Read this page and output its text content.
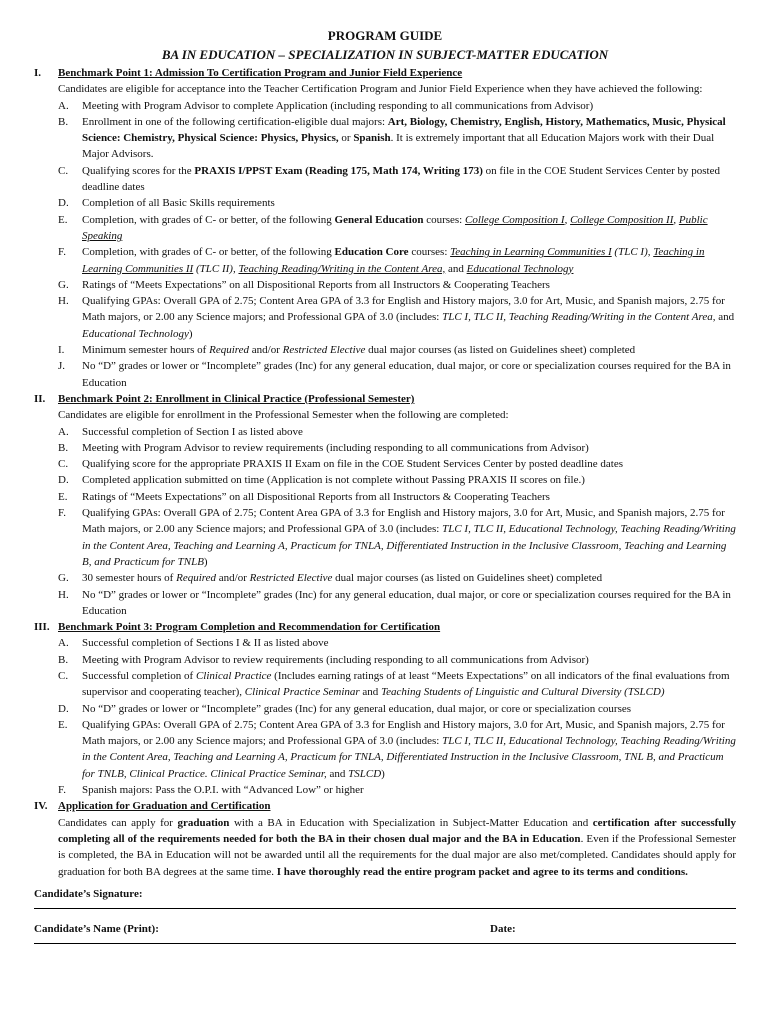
PROGRAM GUIDE
BA IN EDUCATION – SPECIALIZATION IN SUBJECT-MATTER EDUCATION
I.	Benchmark Point 1: Admission To Certification Program and Junior Field Experience
Candidates are eligible for acceptance into the Teacher Certification Program and Junior Field Experience when they have achieved the following:
A.	Meeting with Program Advisor to complete Application (including responding to all communications from Advisor)
B.	Enrollment in one of the following certification-eligible dual majors: Art, Biology, Chemistry, English, History, Mathematics, Music, Physical Science: Chemistry, Physical Science: Physics, Physics, or Spanish. It is extremely important that all Education Majors work with their Dual Major Advisors.
C.	Qualifying scores for the PRAXIS I/PPST Exam (Reading 175, Math 174, Writing 173) on file in the COE Student Services Center by posted deadline dates
D.	Completion of all Basic Skills requirements
E.	Completion, with grades of C- or better, of the following General Education courses: College Composition I, College Composition II, Public Speaking
F.	Completion, with grades of C- or better, of the following Education Core courses: Teaching in Learning Communities I (TLC I), Teaching in Learning Communities II (TLC II), Teaching Reading/Writing in the Content Area, and Educational Technology
G.	Ratings of “Meets Expectations” on all Dispositional Reports from all Instructors & Cooperating Teachers
H.	Qualifying GPAs: Overall GPA of 2.75; Content Area GPA of 3.3 for English and History majors, 3.0 for Art, Music, and Spanish majors, 2.75 for Math majors, or 2.00 any Science majors; and Professional GPA of 3.0 (includes: TLC I, TLC II, Teaching Reading/Writing in the Content Area, and Educational Technology)
I.	Minimum semester hours of Required and/or Restricted Elective dual major courses (as listed on Guidelines sheet) completed
J.	No “D” grades or lower or “Incomplete” grades (Inc) for any general education, dual major, or core or specialization courses required for the BA in Education
II.	Benchmark Point 2: Enrollment in Clinical Practice (Professional Semester)
Candidates are eligible for enrollment in the Professional Semester when the following are completed:
A.	Successful completion of Section I as listed above
B.	Meeting with Program Advisor to review requirements (including responding to all communications from Advisor)
C.	Qualifying score for the appropriate PRAXIS II Exam on file in the COE Student Services Center by posted deadline dates
D.	Completed application submitted on time (Application is not complete without Passing PRAXIS II scores on file.)
E.	Ratings of “Meets Expectations” on all Dispositional Reports from all Instructors & Cooperating Teachers
F.	Qualifying GPAs: Overall GPA of 2.75; Content Area GPA of 3.3 for English and History majors, 3.0 for Art, Music, and Spanish majors, 2.75 for Math majors, or 2.00 any Science majors; and Professional GPA of 3.0 (includes: TLC I, TLC II, Educational Technology, Teaching Reading/Writing in the Content Area, Teaching and Learning A, Practicum for TNLA, Differentiated Instruction in the Inclusive Classroom, Teaching and Learning B, and Practicum for TNLB)
G.	30 semester hours of Required and/or Restricted Elective dual major courses (as listed on Guidelines sheet) completed
H.	No “D” grades or lower or “Incomplete” grades (Inc) for any general education, dual major, or core or specialization courses required for the BA in Education
III. Benchmark Point 3: Program Completion and Recommendation for Certification
A.	Successful completion of Sections I & II as listed above
B.	Meeting with Program Advisor to review requirements (including responding to all communications from Advisor)
C.	Successful completion of Clinical Practice (Includes earning ratings of at least “Meets Expectations” on all indicators of the final evaluations from supervisor and cooperating teacher), Clinical Practice Seminar and Teaching Students of Linguistic and Cultural Diversity (TSLCD)
D.	No “D” grades or lower or “Incomplete” grades (Inc) for any general education, dual major, or core or specialization courses
E.	Qualifying GPAs: Overall GPA of 2.75; Content Area GPA of 3.3 for English and History majors, 3.0 for Art, Music, and Spanish majors, 2.75 for Math majors, or 2.00 any Science majors; and Professional GPA of 3.0 (includes: TLC I, TLC II, Educational Technology, Teaching Reading/Writing in the Content Area, Teaching and Learning A, Practicum for TNLA, Differentiated Instruction in the Inclusive Classroom, TNL B, and Practicum for TNLB, Clinical Practice. Clinical Practice Seminar, and TSLCD)
F.	Spanish majors: Pass the O.P.I. with “Advanced Low” or higher
IV. Application for Graduation and Certification
Candidates can apply for graduation with a BA in Education with Specialization in Subject-Matter Education and certification after successfully completing all of the requirements needed for both the BA in their chosen dual major and the BA in Education. Even if the Professional Semester is completed, the BA in Education will not be awarded until all the requirements for the dual major are also met/completed. Candidates should apply for graduation for both BA degrees at the same time. I have thoroughly read the entire program packet and agree to its terms and conditions.
Candidate’s Signature:
Candidate’s Name (Print):	Date:
